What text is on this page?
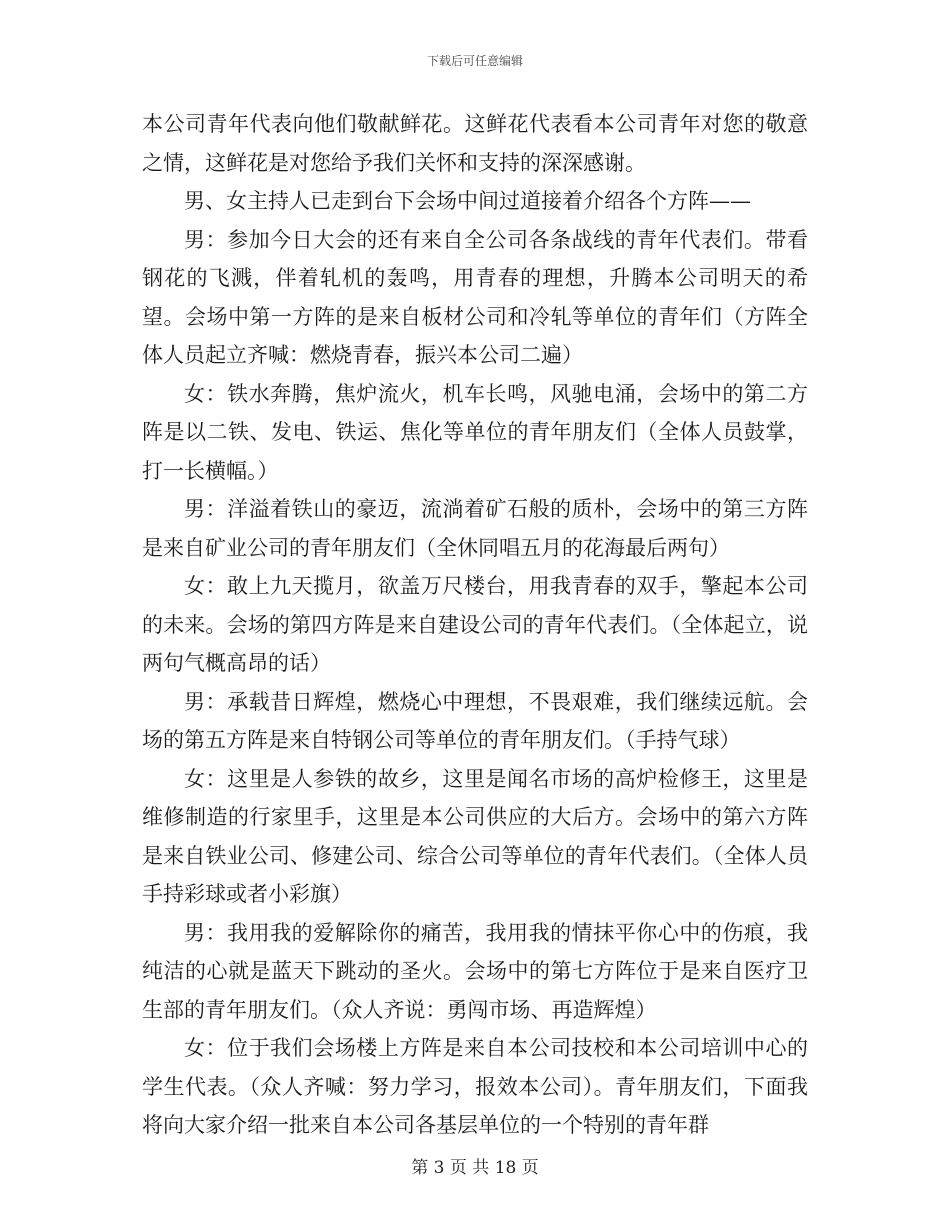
下载后可任意编辑

本公司青年代表向他们敬献鲜花。这鲜花代表看本公司青年对您的敬意之情，这鲜花是对您给予我们关怀和支持的深深感谢。

男、女主持人已走到台下会场中间过道接着介绍各个方阵——

男：参加今日大会的还有来自全公司各条战线的青年代表们。带看钢花的飞溅，伴着轧机的轰鸣，用青春的理想，升腾本公司明天的希望。会场中第一方阵的是来自板材公司和冷轧等单位的青年们（方阵全体人员起立齐喊：燃烧青春，振兴本公司二遍）

女：铁水奔腾，焦炉流火，机车长鸣，风驰电涌，会场中的第二方阵是以二铁、发电、铁运、焦化等单位的青年朋友们（全体人员鼓掌，打一长横幅。）

男：洋溢着铁山的豪迈，流淌着矿石般的质朴，会场中的第三方阵是来自矿业公司的青年朋友们（全休同唱五月的花海最后两句）

女：敢上九天揽月，欲盖万尺楼台，用我青春的双手，擎起本公司的未来。会场的第四方阵是来自建设公司的青年代表们。（全体起立，说两句气概高昂的话）

男：承载昔日辉煌，燃烧心中理想，不畏艰难，我们继续远航。会场的第五方阵是来自特钢公司等单位的青年朋友们。（手持气球）

女：这里是人参铁的故乡，这里是闻名市场的高炉检修王，这里是维修制造的行家里手，这里是本公司供应的大后方。会场中的第六方阵是来自铁业公司、修建公司、综合公司等单位的青年代表们。（全体人员手持彩球或者小彩旗）

男：我用我的爱解除你的痛苦，我用我的情抹平你心中的伤痕，我纯洁的心就是蓝天下跳动的圣火。会场中的第七方阵位于是来自医疗卫生部的青年朋友们。（众人齐说：勇闯市场、再造辉煌）

女：位于我们会场楼上方阵是来自本公司技校和本公司培训中心的学生代表。（众人齐喊：努力学习，报效本公司）。青年朋友们，下面我将向大家介绍一批来自本公司各基层单位的一个特别的青年群

第 3 页 共 18 页
